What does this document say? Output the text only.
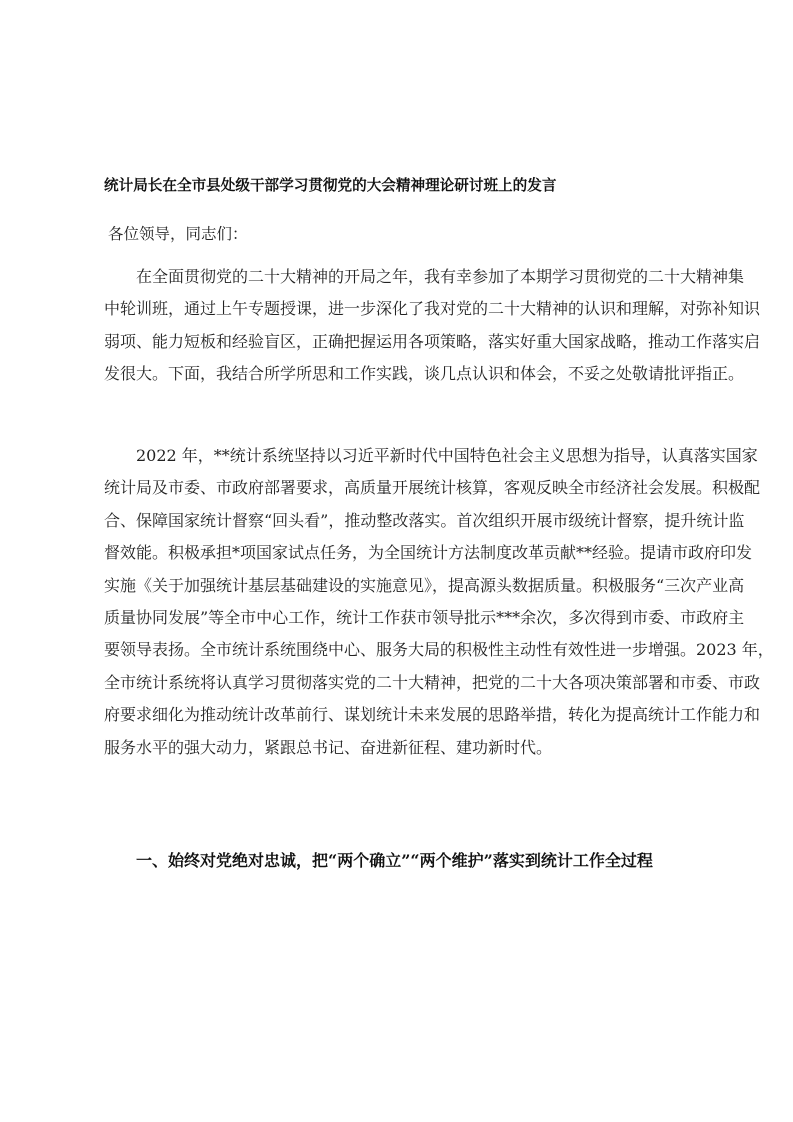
统计局长在全市县处级干部学习贯彻党的大会精神理论研讨班上的发言
各位领导，同志们：
在全面贯彻党的二十大精神的开局之年，我有幸参加了本期学习贯彻党的二十大精神集
中轮训班，通过上午专题授课，进一步深化了我对党的二十大精神的认识和理解，对弥补知识
弱项、能力短板和经验盲区，正确把握运用各项策略，落实好重大国家战略，推动工作落实启
发很大。下面，我结合所学所思和工作实践，谈几点认识和体会，不妥之处敬请批评指正。
2022 年，**统计系统坚持以习近平新时代中国特色社会主义思想为指导，认真落实国家
统计局及市委、市政府部署要求，高质量开展统计核算，客观反映全市经济社会发展。积极配
合、保障国家统计督察“回头看”，推动整改落实。首次组织开展市级统计督察，提升统计监
督效能。积极承担*项国家试点任务，为全国统计方法制度改革贡献**经验。提请市政府印发
实施《关于加强统计基层基础建设的实施意见》，提高源头数据质量。积极服务“三次产业高
质量协同发展”等全市中心工作，统计工作获市领导批示***余次，多次得到市委、市政府主
要领导表扬。全市统计系统围绕中心、服务大局的积极性主动性有效性进一步增强。2023 年，
全市统计系统将认真学习贯彻落实党的二十大精神，把党的二十大各项决策部署和市委、市政
府要求细化为推动统计改革前行、谋划统计未来发展的思路举措，转化为提高统计工作能力和
服务水平的强大动力，紧跟总书记、奋进新征程、建功新时代。
一、始终对党绝对忠诚，把“两个确立”“两个维护”落实到统计工作全过程
